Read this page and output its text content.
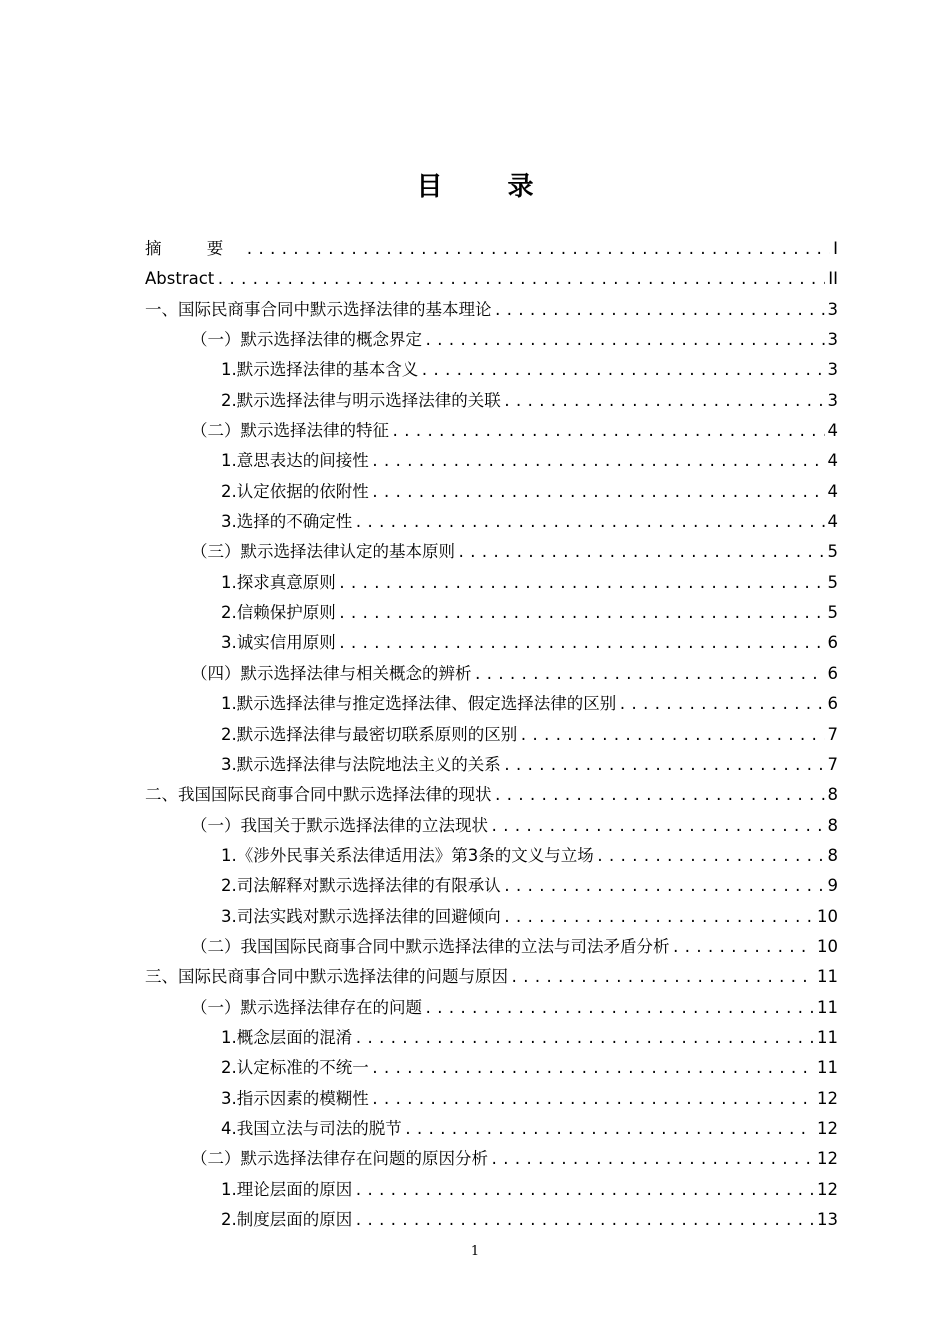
目 录
摘 要 .....	I
Abstract .....	II
一、国际民商事合同中默示选择法律的基本理论 .....	3
（一）默示选择法律的概念界定 .....	3
1.默示选择法律的基本含义 .....	3
2.默示选择法律与明示选择法律的关联 .....	3
（二）默示选择法律的特征 .....	4
1.意思表达的间接性 .....	4
2.认定依据的依附性 .....	4
3.选择的不确定性 .....	4
（三）默示选择法律认定的基本原则 .....	5
1.探求真意原则 .....	5
2.信赖保护原则 .....	5
3.诚实信用原则 .....	6
（四）默示选择法律与相关概念的辨析 .....	6
1.默示选择法律与推定选择法律、假定选择法律的区别 .....	6
2.默示选择法律与最密切联系原则的区别 .....	7
3.默示选择法律与法院地法主义的关系 .....	7
二、我国国际民商事合同中默示选择法律的现状 .....	8
（一）我国关于默示选择法律的立法现状 .....	8
1.《涉外民事关系法律适用法》第3条的文义与立场 .....	8
2.司法解释对默示选择法律的有限承认 .....	9
3.司法实践对默示选择法律的回避倾向 .....	10
（二）我国国际民商事合同中默示选择法律的立法与司法矛盾分析 .....	10
三、国际民商事合同中默示选择法律的问题与原因 .....	11
（一）默示选择法律存在的问题 .....	11
1.概念层面的混淆 .....	11
2.认定标准的不统一 .....	11
3.指示因素的模糊性 .....	12
4.我国立法与司法的脱节 .....	12
（二）默示选择法律存在问题的原因分析 .....	12
1.理论层面的原因 .....	12
2.制度层面的原因 .....	13
1
